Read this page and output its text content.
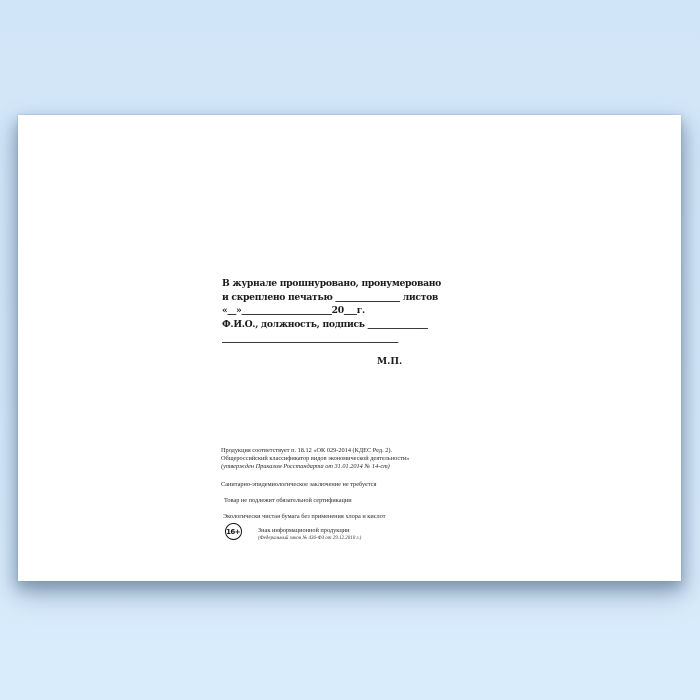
В журнале прошнуровано, пронумеровано
и скреплено печатью _______________ листов
«__»_____________________20___г.
Ф.И.О., должность, подпись ______________
_________________________________________
М.П.
Продукция соответствует п. 18.12 «ОК 029-2014 (КДЕС Ред. 2).
Общероссийский классификатор видов экономической деятельности»
(утвержден Приказом Росстандарта от 31.01.2014 № 14-ст)
Санитарно-эпидемиологическое заключение не требуется
Товар не подлежит обязательной сертификации
Экологически чистая бумага без применения хлора и кислот
16+	Знак информационной продукции
(Федеральный закон № 436-ФЗ от 29.12.2010 г.)
